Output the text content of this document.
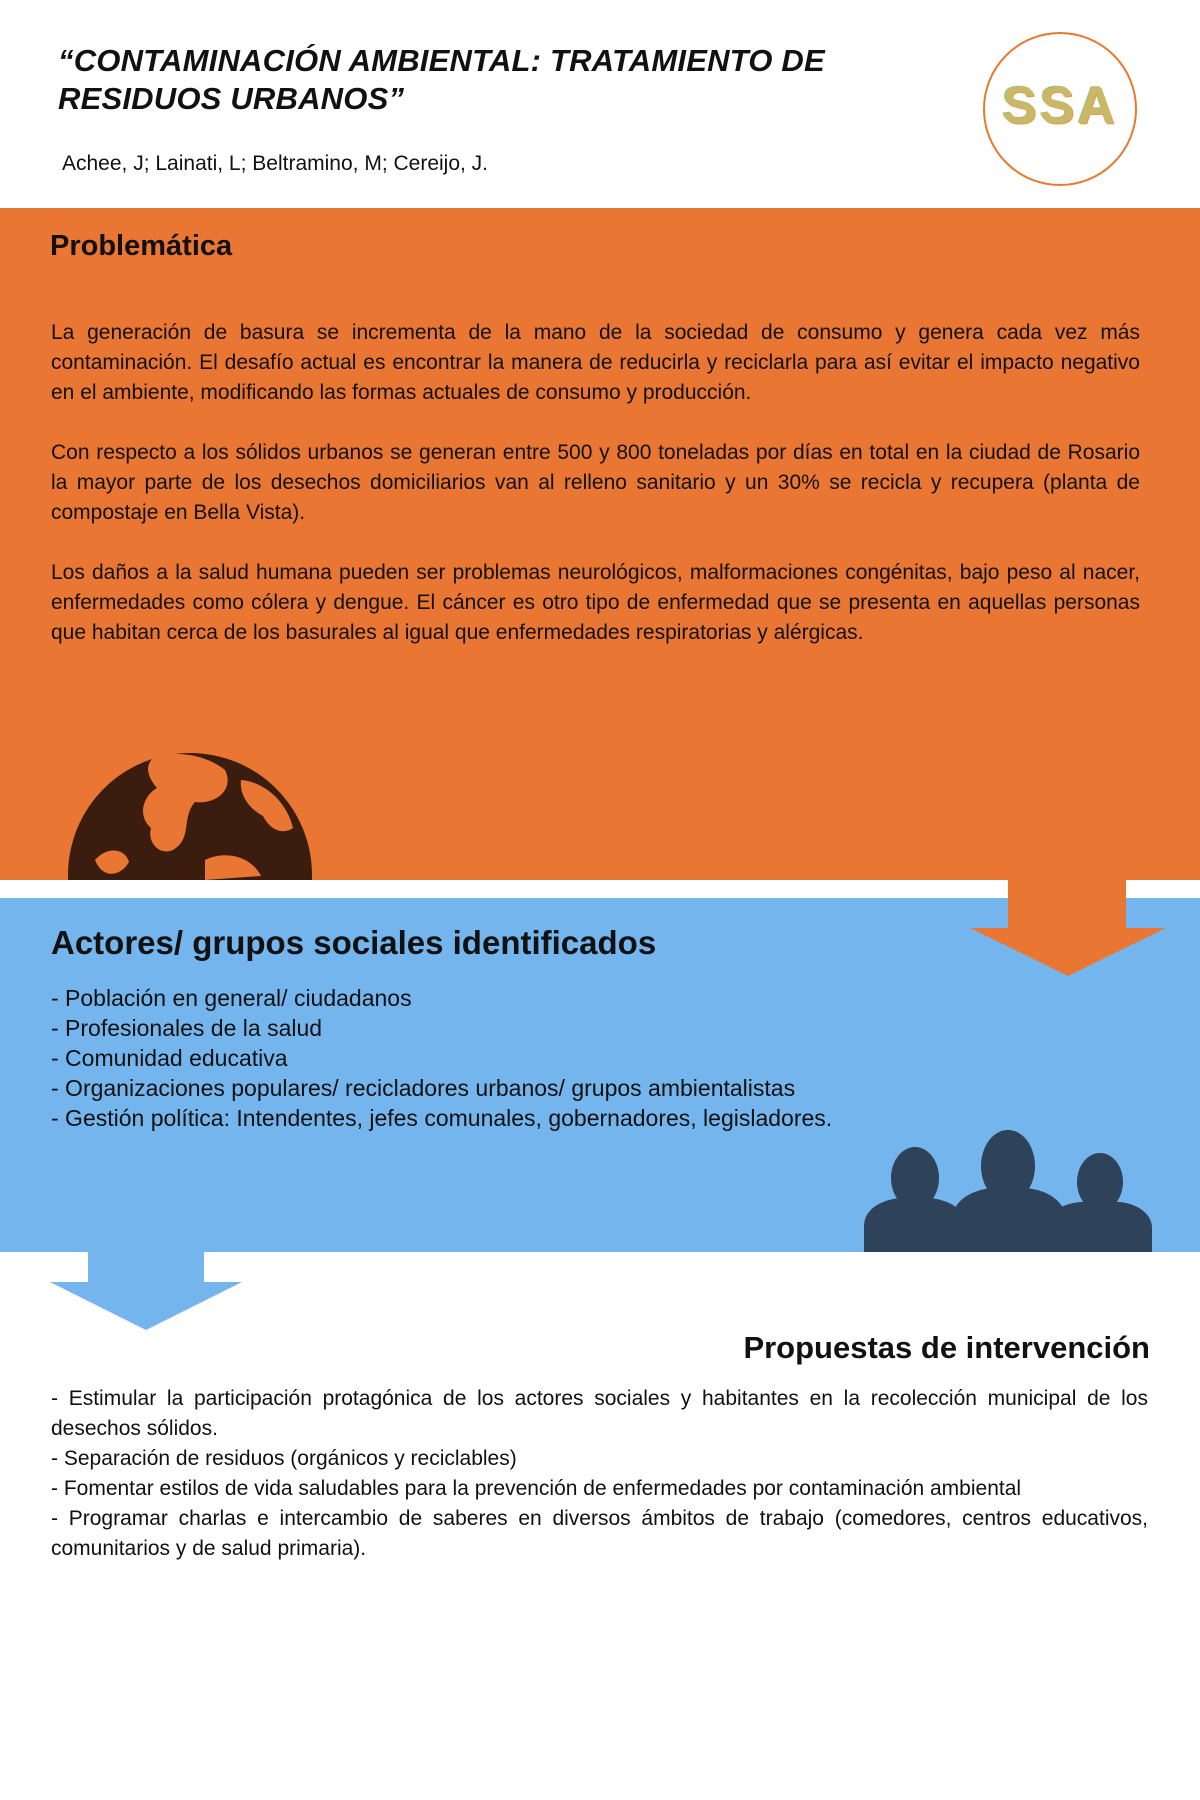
“CONTAMINACIÓN AMBIENTAL: TRATAMIENTO DE RESIDUOS URBANOS”
Achee, J; Lainati, L; Beltramino, M; Cereijo, J.
SSA
Problemática

La generación de basura se incrementa de la mano de la sociedad de consumo y genera cada vez más contaminación. El desafío actual es encontrar la manera de reducirla y reciclarla para así evitar el impacto negativo en el ambiente, modificando las formas actuales de consumo y producción.

Con respecto a los sólidos urbanos se generan entre 500 y 800 toneladas por días en total en la ciudad de Rosario la mayor parte de los desechos domiciliarios van al relleno sanitario y un 30% se recicla y recupera (planta de compostaje en Bella Vista).

Los daños a la salud humana pueden ser problemas neurológicos, malformaciones congénitas, bajo peso al nacer, enfermedades como cólera y dengue. El cáncer es otro tipo de enfermedad que se presenta en aquellas personas que habitan cerca de los basurales al igual que enfermedades respiratorias y alérgicas.

Actores/ grupos sociales identificados
- Población en general/ ciudadanos
- Profesionales de la salud
- Comunidad educativa
- Organizaciones populares/ recicladores urbanos/ grupos ambientalistas
- Gestión política: Intendentes, jefes comunales, gobernadores, legisladores.
Propuestas de intervención
- Estimular la participación protagónica de los actores sociales y habitantes en la recolección municipal de los desechos sólidos.
- Separación de residuos (orgánicos y reciclables)
- Fomentar estilos de vida saludables para la prevención de enfermedades por contaminación ambiental
- Programar charlas e intercambio de saberes en diversos ámbitos de trabajo (comedores, centros educativos, comunitarios y de salud primaria).
